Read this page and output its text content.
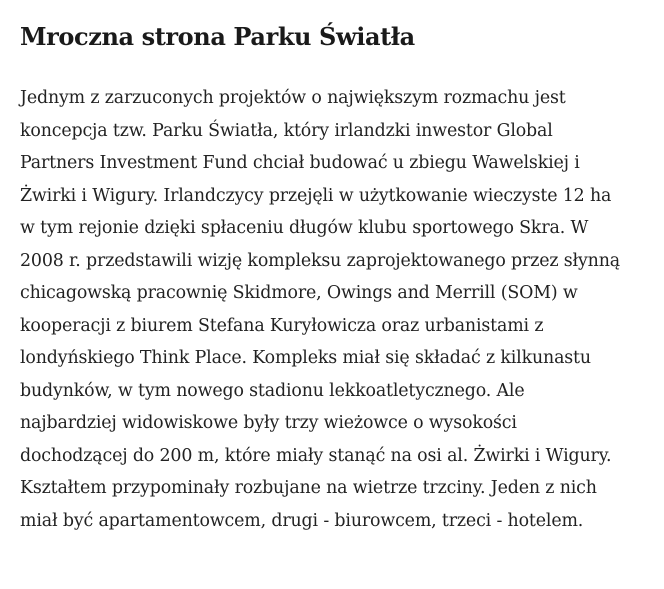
Mroczna strona Parku Światła

Jednym z zarzuconych projektów o największym rozmachu jest
koncepcja tzw. Parku Światła, który irlandzki inwestor Global
Partners Investment Fund chciał budować u zbiegu Wawelskiej i
Żwirki i Wigury. Irlandczycy przejęli w użytkowanie wieczyste 12 ha
w tym rejonie dzięki spłaceniu długów klubu sportowego Skra. W
2008 r. przedstawili wizję kompleksu zaprojektowanego przez słynną
chicagowską pracownię Skidmore, Owings and Merrill (SOM) w
kooperacji z biurem Stefana Kuryłowicza oraz urbanistami z
londyńskiego Think Place. Kompleks miał się składać z kilkunastu
budynków, w tym nowego stadionu lekkoatletycznego. Ale
najbardziej widowiskowe były trzy wieżowce o wysokości
dochodzącej do 200 m, które miały stanąć na osi al. Żwirki i Wigury.
Kształtem przypominały rozbujane na wietrze trzciny. Jeden z nich
miał być apartamentowcem, drugi - biurowcem, trzeci - hotelem.
